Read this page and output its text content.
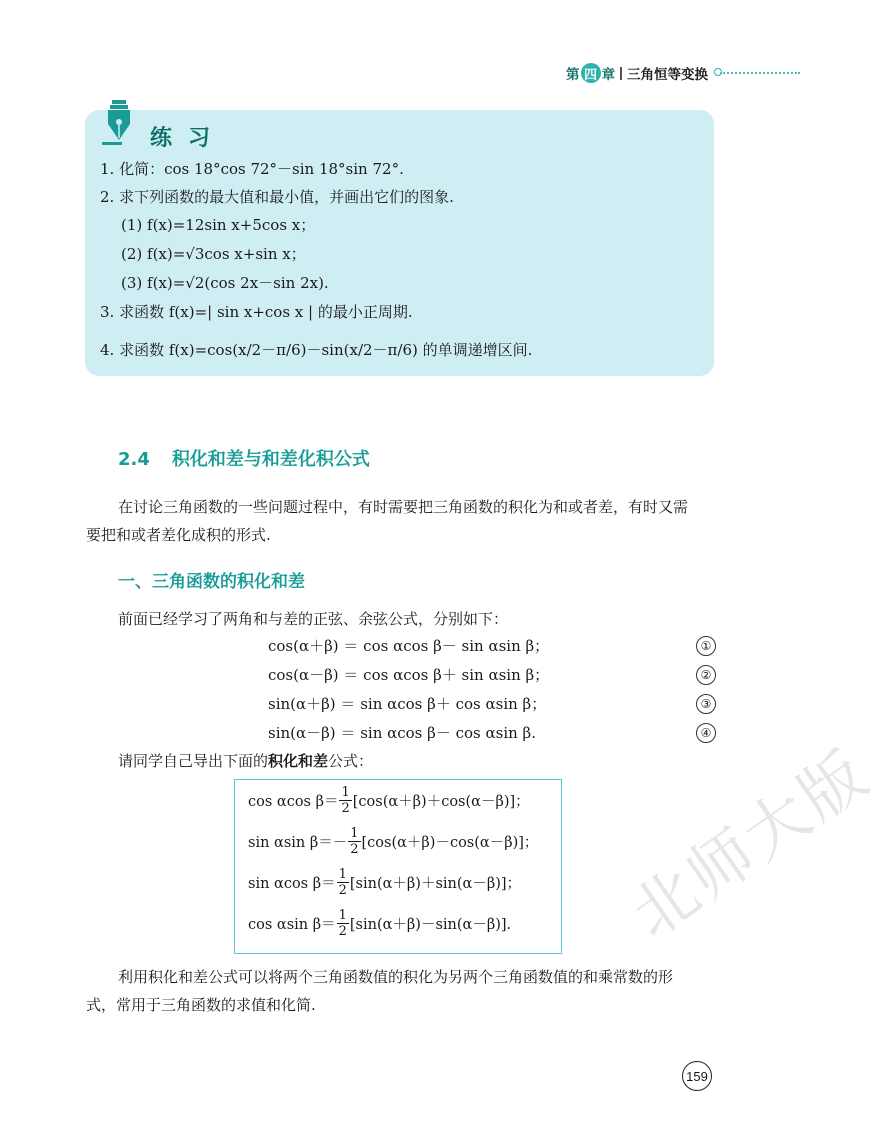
第 四 章 三角恒等变换
练习
1. 化简：cos 18°cos 72°－sin 18°sin 72°.
2. 求下列函数的最大值和最小值，并画出它们的图象.
(1) f(x)=12sin x+5cos x；
(2) f(x)=√3cos x+sin x；
(3) f(x)=√2(cos 2x－sin 2x).
3. 求函数 f(x)=| sin x+cos x | 的最小正周期.
4. 求函数 f(x)=cos(x/2－π/6)－sin(x/2－π/6) 的单调递增区间.
2.4 积化和差与和差化积公式
在讨论三角函数的一些问题过程中，有时需要把三角函数的积化为和或者差，有时又需
要把和或者差化成积的形式.
一、三角函数的积化和差
前面已经学习了两角和与差的正弦、余弦公式，分别如下：
cos(α＋β) ＝ cos αcos β－ sin αsin β；	①
cos(α－β) ＝ cos αcos β＋ sin αsin β；	②
sin(α＋β) ＝ sin αcos β＋ cos αsin β；	③
sin(α－β) ＝ sin αcos β－ cos αsin β.	④
请同学自己导出下面的积化和差公式：
cos αcos $\beta= \frac{1}{2} [\cos(\alpha+\beta)+\cos(\alpha-\beta)]$；
sin αsin $\beta= - \frac{1}{2} [\cos(\alpha+\beta)-\cos(\alpha-\beta)]$；
sin αcos $\beta= \frac{1}{2} [\sin(\alpha+\beta)+\sin(\alpha-\beta)]$；
cos αsin $\beta= \frac{1}{2} [\sin(\alpha+\beta)-\sin(\alpha-\beta)]$.
利用积化和差公式可以将两个三角函数值的积化为另两个三角函数值的和乘常数的形
式，常用于三角函数的求值和化简.
北师大版
159
